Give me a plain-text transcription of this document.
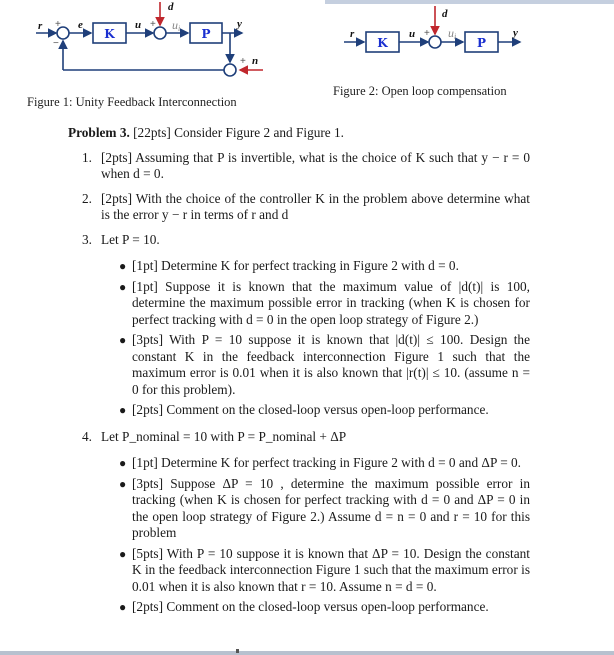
r	e	u
d
y
n
ui
+
−
+
+
K	P
Figure 1: Unity Feedback Interconnection
r	u
d
y
ui
+
K	P
Figure 2: Open loop compensation
Problem 3. [22pts] Consider Figure 2 and Figure 1.
1. [2pts] Assuming that P is invertible, what is the choice of K such that y − r = 0 when d = 0.
2. [2pts] With the choice of the controller K in the problem above determine what is the error y − r in terms of r and d
3. Let P = 10.
● [1pt] Determine K for perfect tracking in Figure 2 with d = 0.
● [1pt] Suppose it is known that the maximum value of |d(t)| is 100, determine the maximum possible error in tracking (when K is chosen for perfect tracking with d = 0 in the open loop strategy of Figure 2.)
● [3pts] With P = 10 suppose it is known that |d(t)| ≤ 100. Design the constant K in the feedback interconnection Figure 1 such that the maximum error is 0.01 when it is also known that |r(t)| ≤ 10. (assume n = 0 for this problem).
● [2pts] Comment on the closed-loop versus open-loop performance.
4. Let P_nominal = 10 with P = P_nominal + ΔP
● [1pt] Determine K for perfect tracking in Figure 2 with d = 0 and ΔP = 0.
● [3pts] Suppose ΔP = 10 , determine the maximum possible error in tracking (when K is chosen for perfect tracking with d = 0 and ΔP = 0 in the open loop strategy of Figure 2.) Assume d = n = 0 and r = 10 for this problem
● [5pts] With P = 10 suppose it is known that ΔP = 10. Design the constant K in the feedback interconnection Figure 1 such that the maximum error is 0.01 when it is also known that r = 10. Assume n = d = 0.
● [2pts] Comment on the closed-loop versus open-loop performance.
